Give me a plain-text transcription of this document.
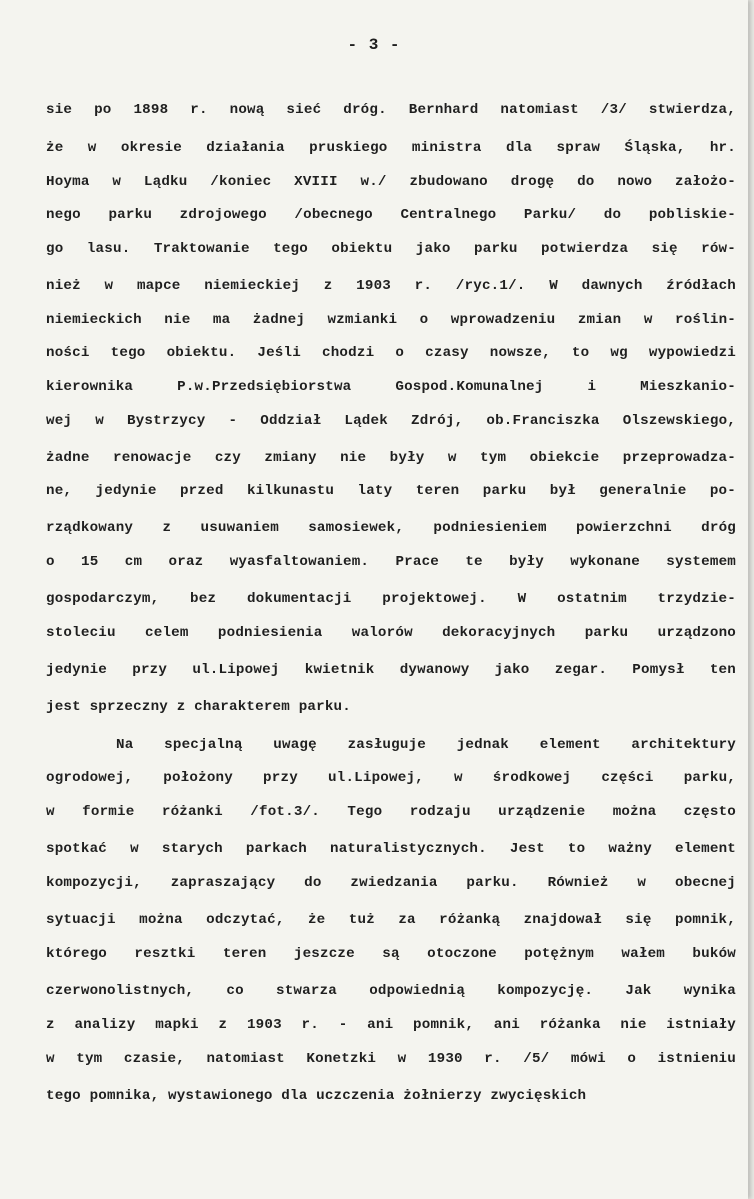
- 3 -
sie po 1898 r. nową sieć dróg. Bernhard natomiast /3/ stwierdza,
że w okresie działania pruskiego ministra dla spraw Śląska, hr.
Hoyma w Lądku /koniec XVIII w./ zbudowano drogę do nowo założo-
nego parku zdrojowego /obecnego Centralnego Parku/ do pobliskie-
go lasu. Traktowanie tego obiektu jako parku potwierdza się rów-
nież w mapce niemieckiej z 1903 r. /ryc.1/. W dawnych źródłach
niemieckich nie ma żadnej wzmianki o wprowadzeniu zmian w roślin-
ności tego obiektu. Jeśli chodzi o czasy nowsze, to wg wypowiedzi
kierownika P.w.Przedsiębiorstwa Gospod.Komunalnej i Mieszkanio-
wej w Bystrzycy - Oddział Lądek Zdrój, ob.Franciszka Olszewskiego,
żadne renowacje czy zmiany nie były w tym obiekcie przeprowadza-
ne, jedynie przed kilkunastu laty teren parku był generalnie po-
rządkowany z usuwaniem samosiewek, podniesieniem powierzchni dróg
o 15 cm oraz wyasfaltowaniem. Prace te były wykonane systemem
gospodarczym, bez dokumentacji projektowej. W ostatnim trzydzie-
stoleciu celem podniesienia walorów dekoracyjnych parku urządzono
jedynie przy ul.Lipowej kwietnik dywanowy jako zegar. Pomysł ten
jest sprzeczny z charakterem parku.
Na specjalną uwagę zasługuje jednak element architektury
ogrodowej, położony przy ul.Lipowej, w środkowej części parku,
w formie różanki /fot.3/. Tego rodzaju urządzenie można często
spotkać w starych parkach naturalistycznych. Jest to ważny element
kompozycji, zapraszający do zwiedzania parku. Również w obecnej
sytuacji można odczytać, że tuż za różanką znajdował się pomnik,
którego resztki teren jeszcze są otoczone potężnym wałem buków
czerwonolistnych, co stwarza odpowiednią kompozycję. Jak wynika
z analizy mapki z 1903 r. - ani pomnik, ani różanka nie istniały
w tym czasie, natomiast Konetzki w 1930 r. /5/ mówi o istnieniu
tego pomnika, wystawionego dla uczczenia żołnierzy zwycięskich
